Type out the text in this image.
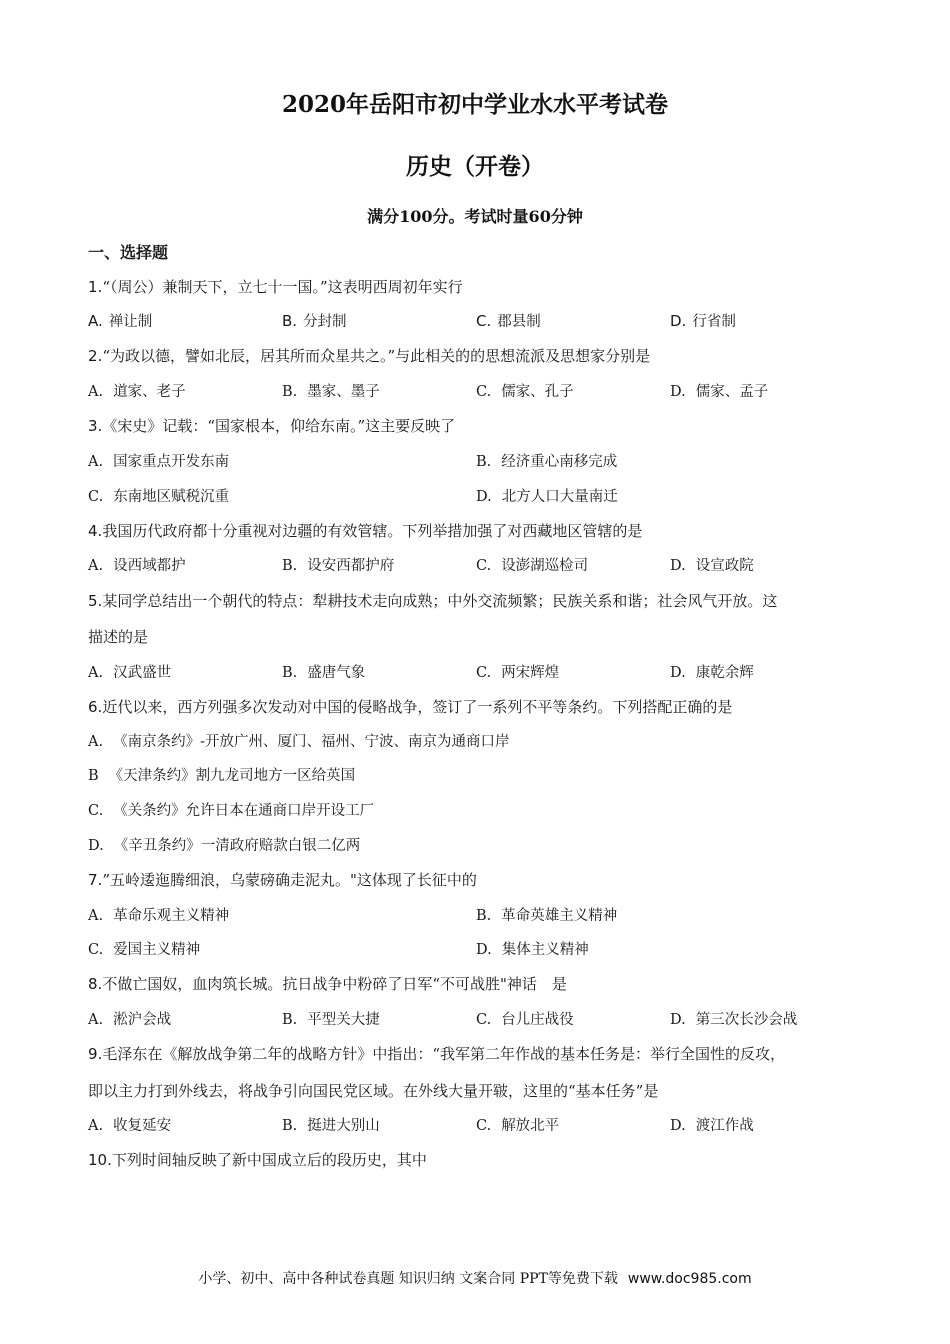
2020年岳阳市初中学业水水平考试卷
历史（开卷）
满分100分。考试时量60分钟
一、选择题
1.“（周公）兼制天下，立七十一国。”这表明西周初年实行
A. 禅让制	B. 分封制	C. 郡县制	D. 行省制
2.“为政以德，譬如北辰，居其所而众星共之。”与此相关的的思想流派及思想家分别是
A. 道家、老子	B. 墨家、墨子	C. 儒家、孔子	D. 儒家、孟子
3.《宋史》记载：“国家根本，仰给东南。”这主要反映了
A. 国家重点开发东南	B. 经济重心南移完成
C. 东南地区赋税沉重	D. 北方人口大量南迁
4.我国历代政府都十分重视对边疆的有效管辖。下列举措加强了对西藏地区管辖的是
A. 设西域都护	B. 设安西都护府	C. 设澎湖巡检司	D. 设宣政院
5.某同学总结出一个朝代的特点：犁耕技术走向成熟；中外交流频繁；民族关系和谐；社会风气开放。这
描述的是
A. 汉武盛世	B. 盛唐气象	C. 两宋辉煌	D. 康乾余辉
6.近代以来，西方列强多次发动对中国的侵略战争，签订了一系列不平等条约。下列搭配正确的是
A. 《南京条约》-开放广州、厦门、福州、宁波、南京为通商口岸
B 《天津条约》割九龙司地方一区给英国
C. 《关条约》允许日本在通商口岸开设工厂
D. 《辛丑条约》一清政府赔款白银二亿两
7.”五岭逶迤腾细浪，乌蒙磅确走泥丸。"这体现了长征中的
A. 革命乐观主义精神	B. 革命英雄主义精神
C. 爱国主义精神	D. 集体主义精神
8.不做亡国奴，血肉筑长城。抗日战争中粉碎了日军“不可战胜"神话　是
A. 淞沪会战	B. 平型关大捷	C. 台儿庄战役	D. 第三次长沙会战
9.毛泽东在《解放战争第二年的战略方针》中指出：“我军第二年作战的基本任务是：举行全国性的反攻，
即以主力打到外线去，将战争引向国民党区域。在外线大量开皲，这里的“基本任务”是
A. 收复延安	B. 挺进大别山	C. 解放北平	D. 渡江作战
10.下列时间轴反映了新中国成立后的段历史，其中
小学、初中、高中各种试卷真题 知识归纳 文案合同 PPT等免费下载 www.doc985.com
